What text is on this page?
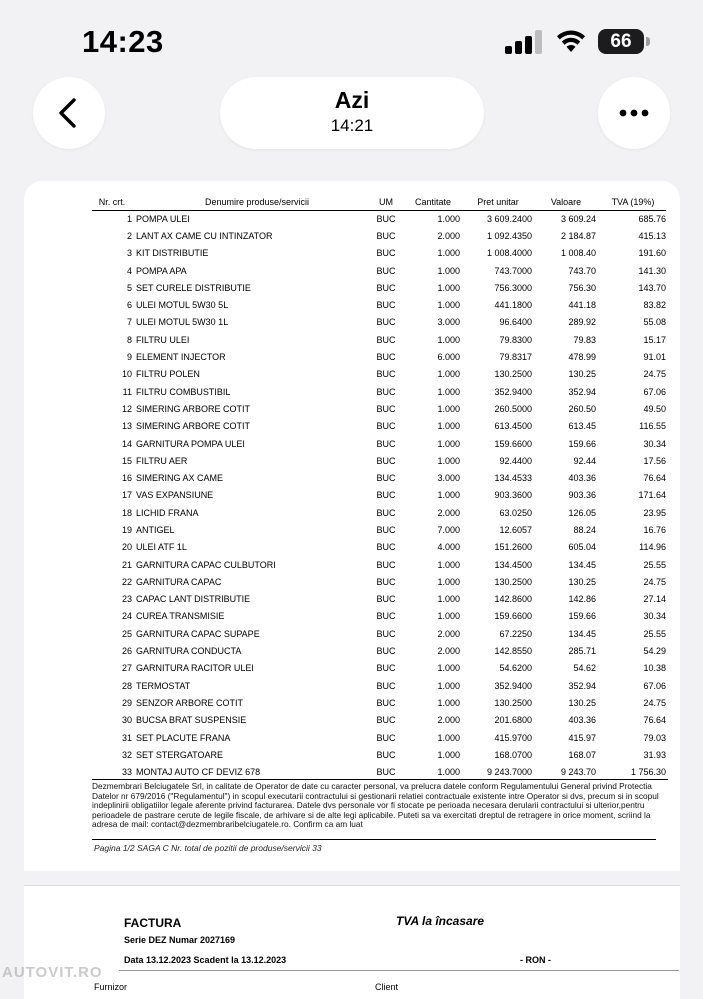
14:23	66
Azi
14:21
Nr. crt.	Denumire produse/servicii	UM	Cantitate	Pret unitar	Valoare	TVA (19%)
1	POMPA ULEI	BUC	1.000	3 609.2400	3 609.24	685.76
2	LANT AX CAME CU INTINZATOR	BUC	2.000	1 092.4350	2 184.87	415.13
3	KIT DISTRIBUTIE	BUC	1.000	1 008.4000	1 008.40	191.60
4	POMPA APA	BUC	1.000	743.7000	743.70	141.30
5	SET CURELE DISTRIBUTIE	BUC	1.000	756.3000	756.30	143.70
6	ULEI MOTUL 5W30 5L	BUC	1.000	441.1800	441.18	83.82
7	ULEI MOTUL 5W30 1L	BUC	3.000	96.6400	289.92	55.08
8	FILTRU ULEI	BUC	1.000	79.8300	79.83	15.17
9	ELEMENT INJECTOR	BUC	6.000	79.8317	478.99	91.01
10	FILTRU POLEN	BUC	1.000	130.2500	130.25	24.75
11	FILTRU COMBUSTIBIL	BUC	1.000	352.9400	352.94	67.06
12	SIMERING ARBORE COTIT	BUC	1.000	260.5000	260.50	49.50
13	SIMERING ARBORE COTIT	BUC	1.000	613.4500	613.45	116.55
14	GARNITURA POMPA ULEI	BUC	1.000	159.6600	159.66	30.34
15	FILTRU AER	BUC	1.000	92.4400	92.44	17.56
16	SIMERING AX CAME	BUC	3.000	134.4533	403.36	76.64
17	VAS EXPANSIUNE	BUC	1.000	903.3600	903.36	171.64
18	LICHID FRANA	BUC	2.000	63.0250	126.05	23.95
19	ANTIGEL	BUC	7.000	12.6057	88.24	16.76
20	ULEI ATF 1L	BUC	4.000	151.2600	605.04	114.96
21	GARNITURA CAPAC CULBUTORI	BUC	1.000	134.4500	134.45	25.55
22	GARNITURA CAPAC	BUC	1.000	130.2500	130.25	24.75
23	CAPAC LANT DISTRIBUTIE	BUC	1.000	142.8600	142.86	27.14
24	CUREA TRANSMISIE	BUC	1.000	159.6600	159.66	30.34
25	GARNITURA CAPAC SUPAPE	BUC	2.000	67.2250	134.45	25.55
26	GARNITURA CONDUCTA	BUC	2.000	142.8550	285.71	54.29
27	GARNITURA RACITOR ULEI	BUC	1.000	54.6200	54.62	10.38
28	TERMOSTAT	BUC	1.000	352.9400	352.94	67.06
29	SENZOR ARBORE COTIT	BUC	1.000	130.2500	130.25	24.75
30	BUCSA BRAT SUSPENSIE	BUC	2.000	201.6800	403.36	76.64
31	SET PLACUTE FRANA	BUC	1.000	415.9700	415.97	79.03
32	SET STERGATOARE	BUC	1.000	168.0700	168.07	31.93
33	MONTAJ AUTO CF DEVIZ 678	BUC	1.000	9 243.7000	9 243.70	1 756.30
Dezmembrari Belciugatele Srl, in calitate de Operator de date cu caracter personal, va prelucra datele conform Regulamentului General privind Protectia Datelor nr 679/2016 ("Regulamentul") in scopul executarii contractului si gestionarii relatiei contractuale existente intre Operator si dvs, precum si in scopul indeplinirii obligatiilor legale aferente privind facturarea. Datele dvs personale vor fi stocate pe perioada necesara derularii contractului si ulterior,pentru perioadele de pastrare cerute de legile fiscale, de arhivare si de alte legi aplicabile. Puteti sa va exercitati dreptul de retragere in orice moment, scriind la adresa de mail: contact@dezmembraribelciugatele.ro. Confirm ca am luat
Pagina 1/2 SAGA C Nr. total de pozitii de produse/servicii 33
FACTURA	TVA la încasare
Serie DEZ Numar 2027169
Data 13.12.2023 Scadent la 13.12.2023	- RON -
Furnizor	Client
AUTOVIT.RO
